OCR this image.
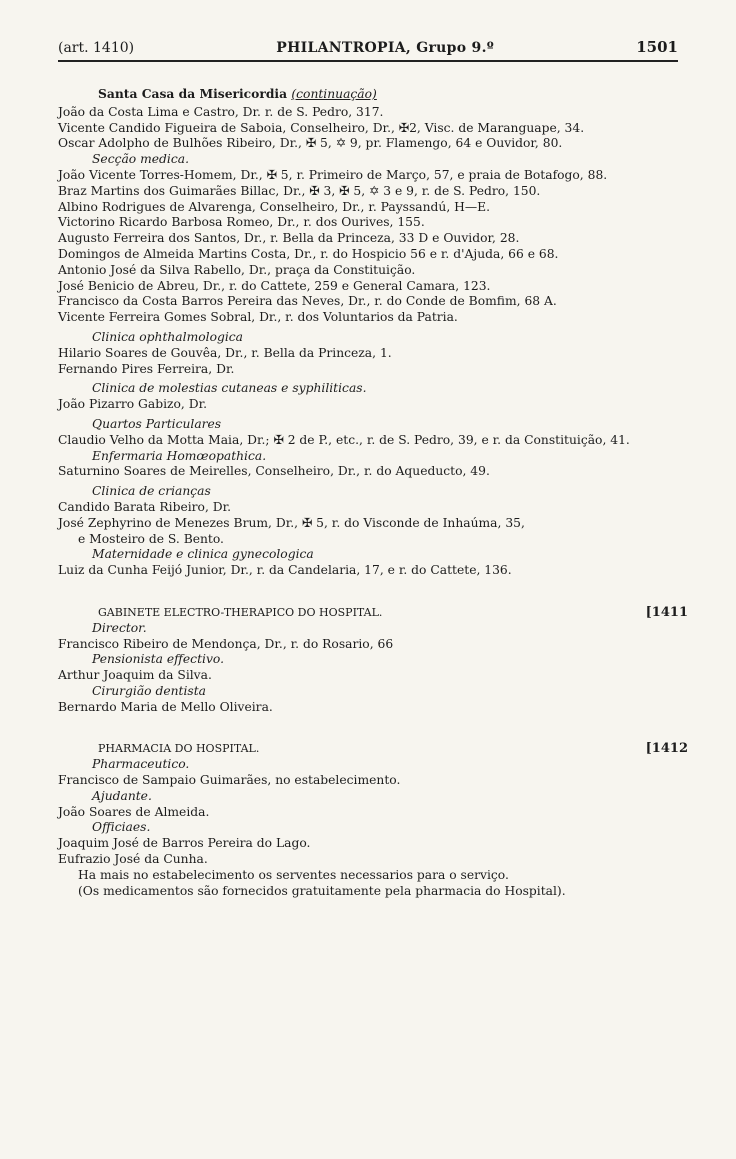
(art. 1410)	PHILANTROPIA, Grupo 9.º	1501
Santa Casa da Misericordia (continuação)
João da Costa Lima e Castro, Dr. r. de S. Pedro, 317.
Vicente Candido Figueira de Saboia, Conselheiro, Dr., ✠2, Visc. de Maranguape, 34.
Oscar Adolpho de Bulhões Ribeiro, Dr., ✠ 5, ✡ 9, pr. Flamengo, 64 e Ouvidor, 80.
Secção medica.
João Vicente Torres-Homem, Dr., ✠ 5, r. Primeiro de Março, 57, e praia de Botafogo, 88.
Braz Martins dos Guimarães Billac, Dr., ✠ 3, ✠ 5, ✡ 3 e 9, r. de S. Pedro, 150.
Albino Rodrigues de Alvarenga, Conselheiro, Dr., r. Payssandú, H—E.
Victorino Ricardo Barbosa Romeo, Dr., r. dos Ourives, 155.
Augusto Ferreira dos Santos, Dr., r. Bella da Princeza, 33 D e Ouvidor, 28.
Domingos de Almeida Martins Costa, Dr., r. do Hospicio 56 e r. d'Ajuda, 66 e 68.
Antonio José da Silva Rabello, Dr., praça da Constituição.
José Benicio de Abreu, Dr., r. do Cattete, 259 e General Camara, 123.
Francisco da Costa Barros Pereira das Neves, Dr., r. do Conde de Bomfim, 68 A.
Vicente Ferreira Gomes Sobral, Dr., r. dos Voluntarios da Patria.
Clinica ophthalmologica
Hilario Soares de Gouvêa, Dr., r. Bella da Princeza, 1.
Fernando Pires Ferreira, Dr.
Clinica de molestias cutaneas e syphiliticas.
João Pizarro Gabizo, Dr.
Quartos Particulares
Claudio Velho da Motta Maia, Dr.; ✠ 2 de P., etc., r. de S. Pedro, 39, e r. da Constituição, 41.
Enfermaria Homœopathica.
Saturnino Soares de Meirelles, Conselheiro, Dr., r. do Aqueducto, 49.
Clinica de crianças
Candido Barata Ribeiro, Dr.
José Zephyrino de Menezes Brum, Dr., ✠ 5, r. do Visconde de Inhaúma, 35,
e Mosteiro de S. Bento.
Maternidade e clinica gynecologica
Luiz da Cunha Feijó Junior, Dr., r. da Candelaria, 17, e r. do Cattete, 136.
GABINETE ELECTRO-THERAPICO DO HOSPITAL.	[1411
Director.
Francisco Ribeiro de Mendonça, Dr., r. do Rosario, 66
Pensionista effectivo.
Arthur Joaquim da Silva.
Cirurgião dentista
Bernardo Maria de Mello Oliveira.
PHARMACIA DO HOSPITAL.	[1412
Pharmaceutico.
Francisco de Sampaio Guimarães, no estabelecimento.
Ajudante.
João Soares de Almeida.
Officiaes.
Joaquim José de Barros Pereira do Lago.
Eufrazio José da Cunha.
Ha mais no estabelecimento os serventes necessarios para o serviço.
(Os medicamentos são fornecidos gratuitamente pela pharmacia do Hospital).
